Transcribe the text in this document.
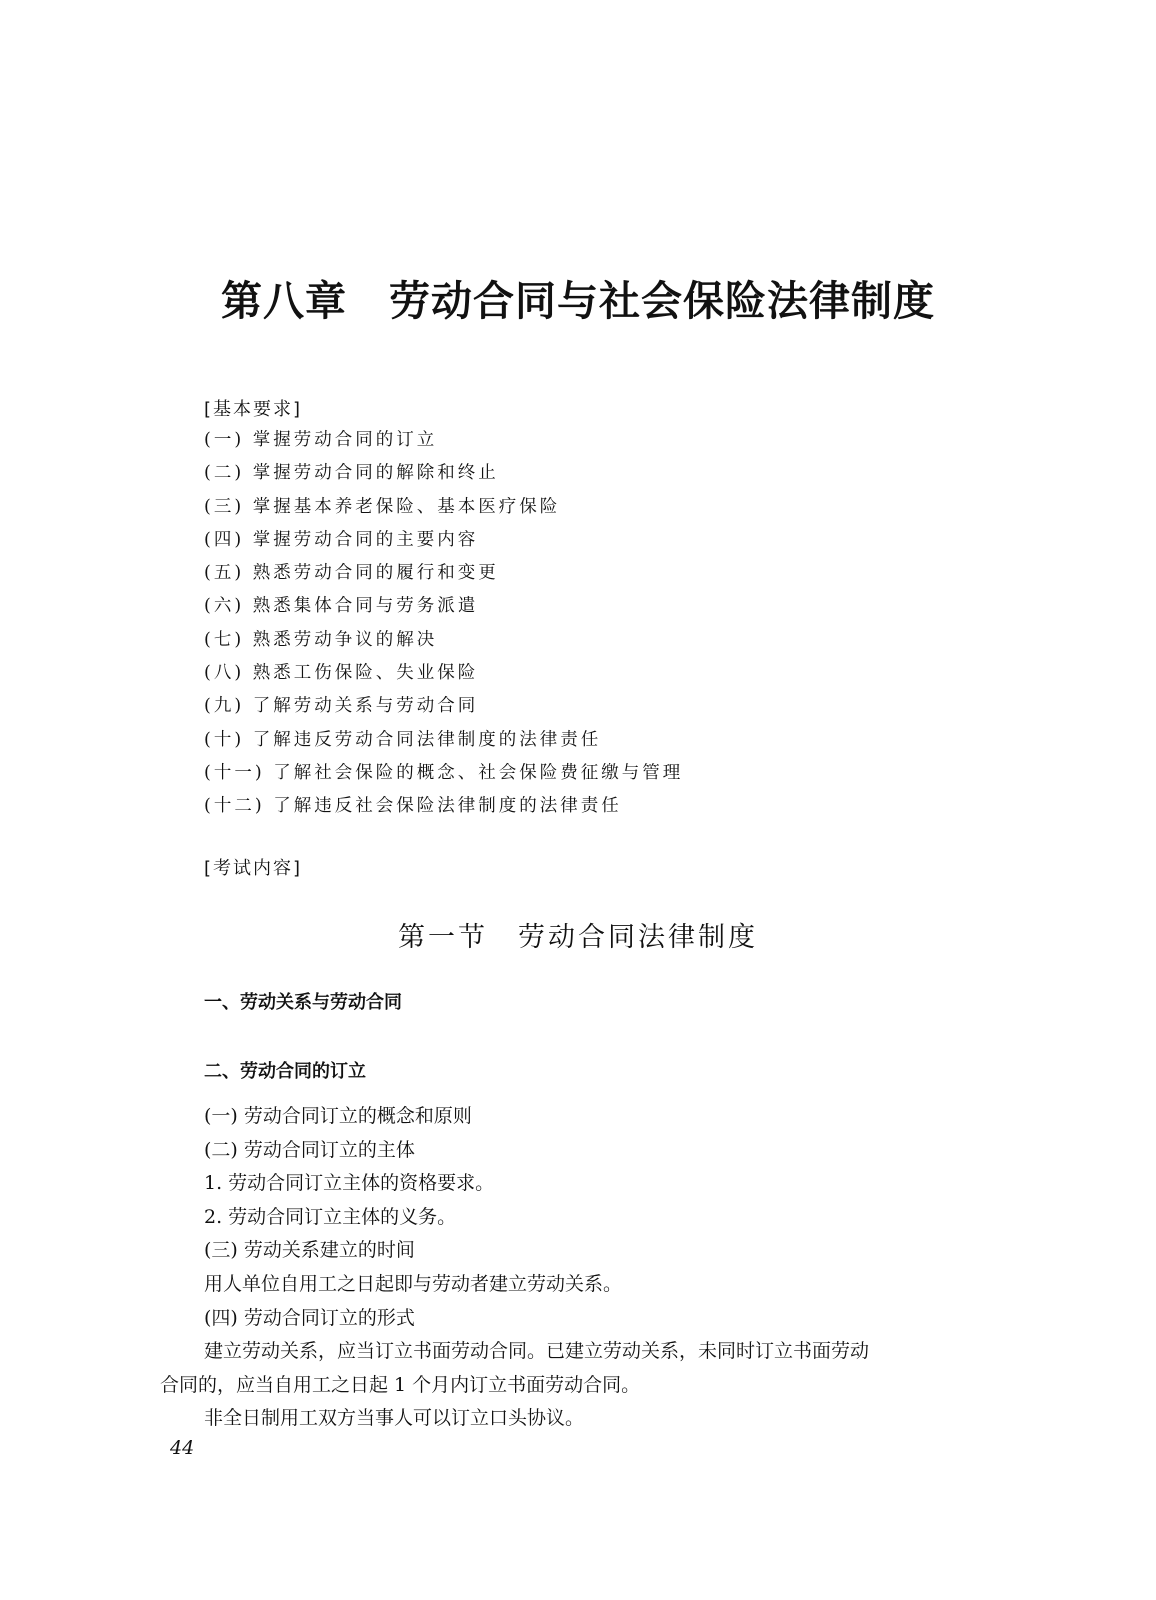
第八章　劳动合同与社会保险法律制度
[基本要求]
(一) 掌握劳动合同的订立
(二) 掌握劳动合同的解除和终止
(三) 掌握基本养老保险、基本医疗保险
(四) 掌握劳动合同的主要内容
(五) 熟悉劳动合同的履行和变更
(六) 熟悉集体合同与劳务派遣
(七) 熟悉劳动争议的解决
(八) 熟悉工伤保险、失业保险
(九) 了解劳动关系与劳动合同
(十) 了解违反劳动合同法律制度的法律责任
(十一) 了解社会保险的概念、社会保险费征缴与管理
(十二) 了解违反社会保险法律制度的法律责任
[考试内容]
第一节　劳动合同法律制度
一、劳动关系与劳动合同
二、劳动合同的订立
(一) 劳动合同订立的概念和原则
(二) 劳动合同订立的主体
1. 劳动合同订立主体的资格要求。
2. 劳动合同订立主体的义务。
(三) 劳动关系建立的时间
用人单位自用工之日起即与劳动者建立劳动关系。
(四) 劳动合同订立的形式
建立劳动关系，应当订立书面劳动合同。已建立劳动关系，未同时订立书面劳动
合同的，应当自用工之日起 1 个月内订立书面劳动合同。
非全日制用工双方当事人可以订立口头协议。
44
